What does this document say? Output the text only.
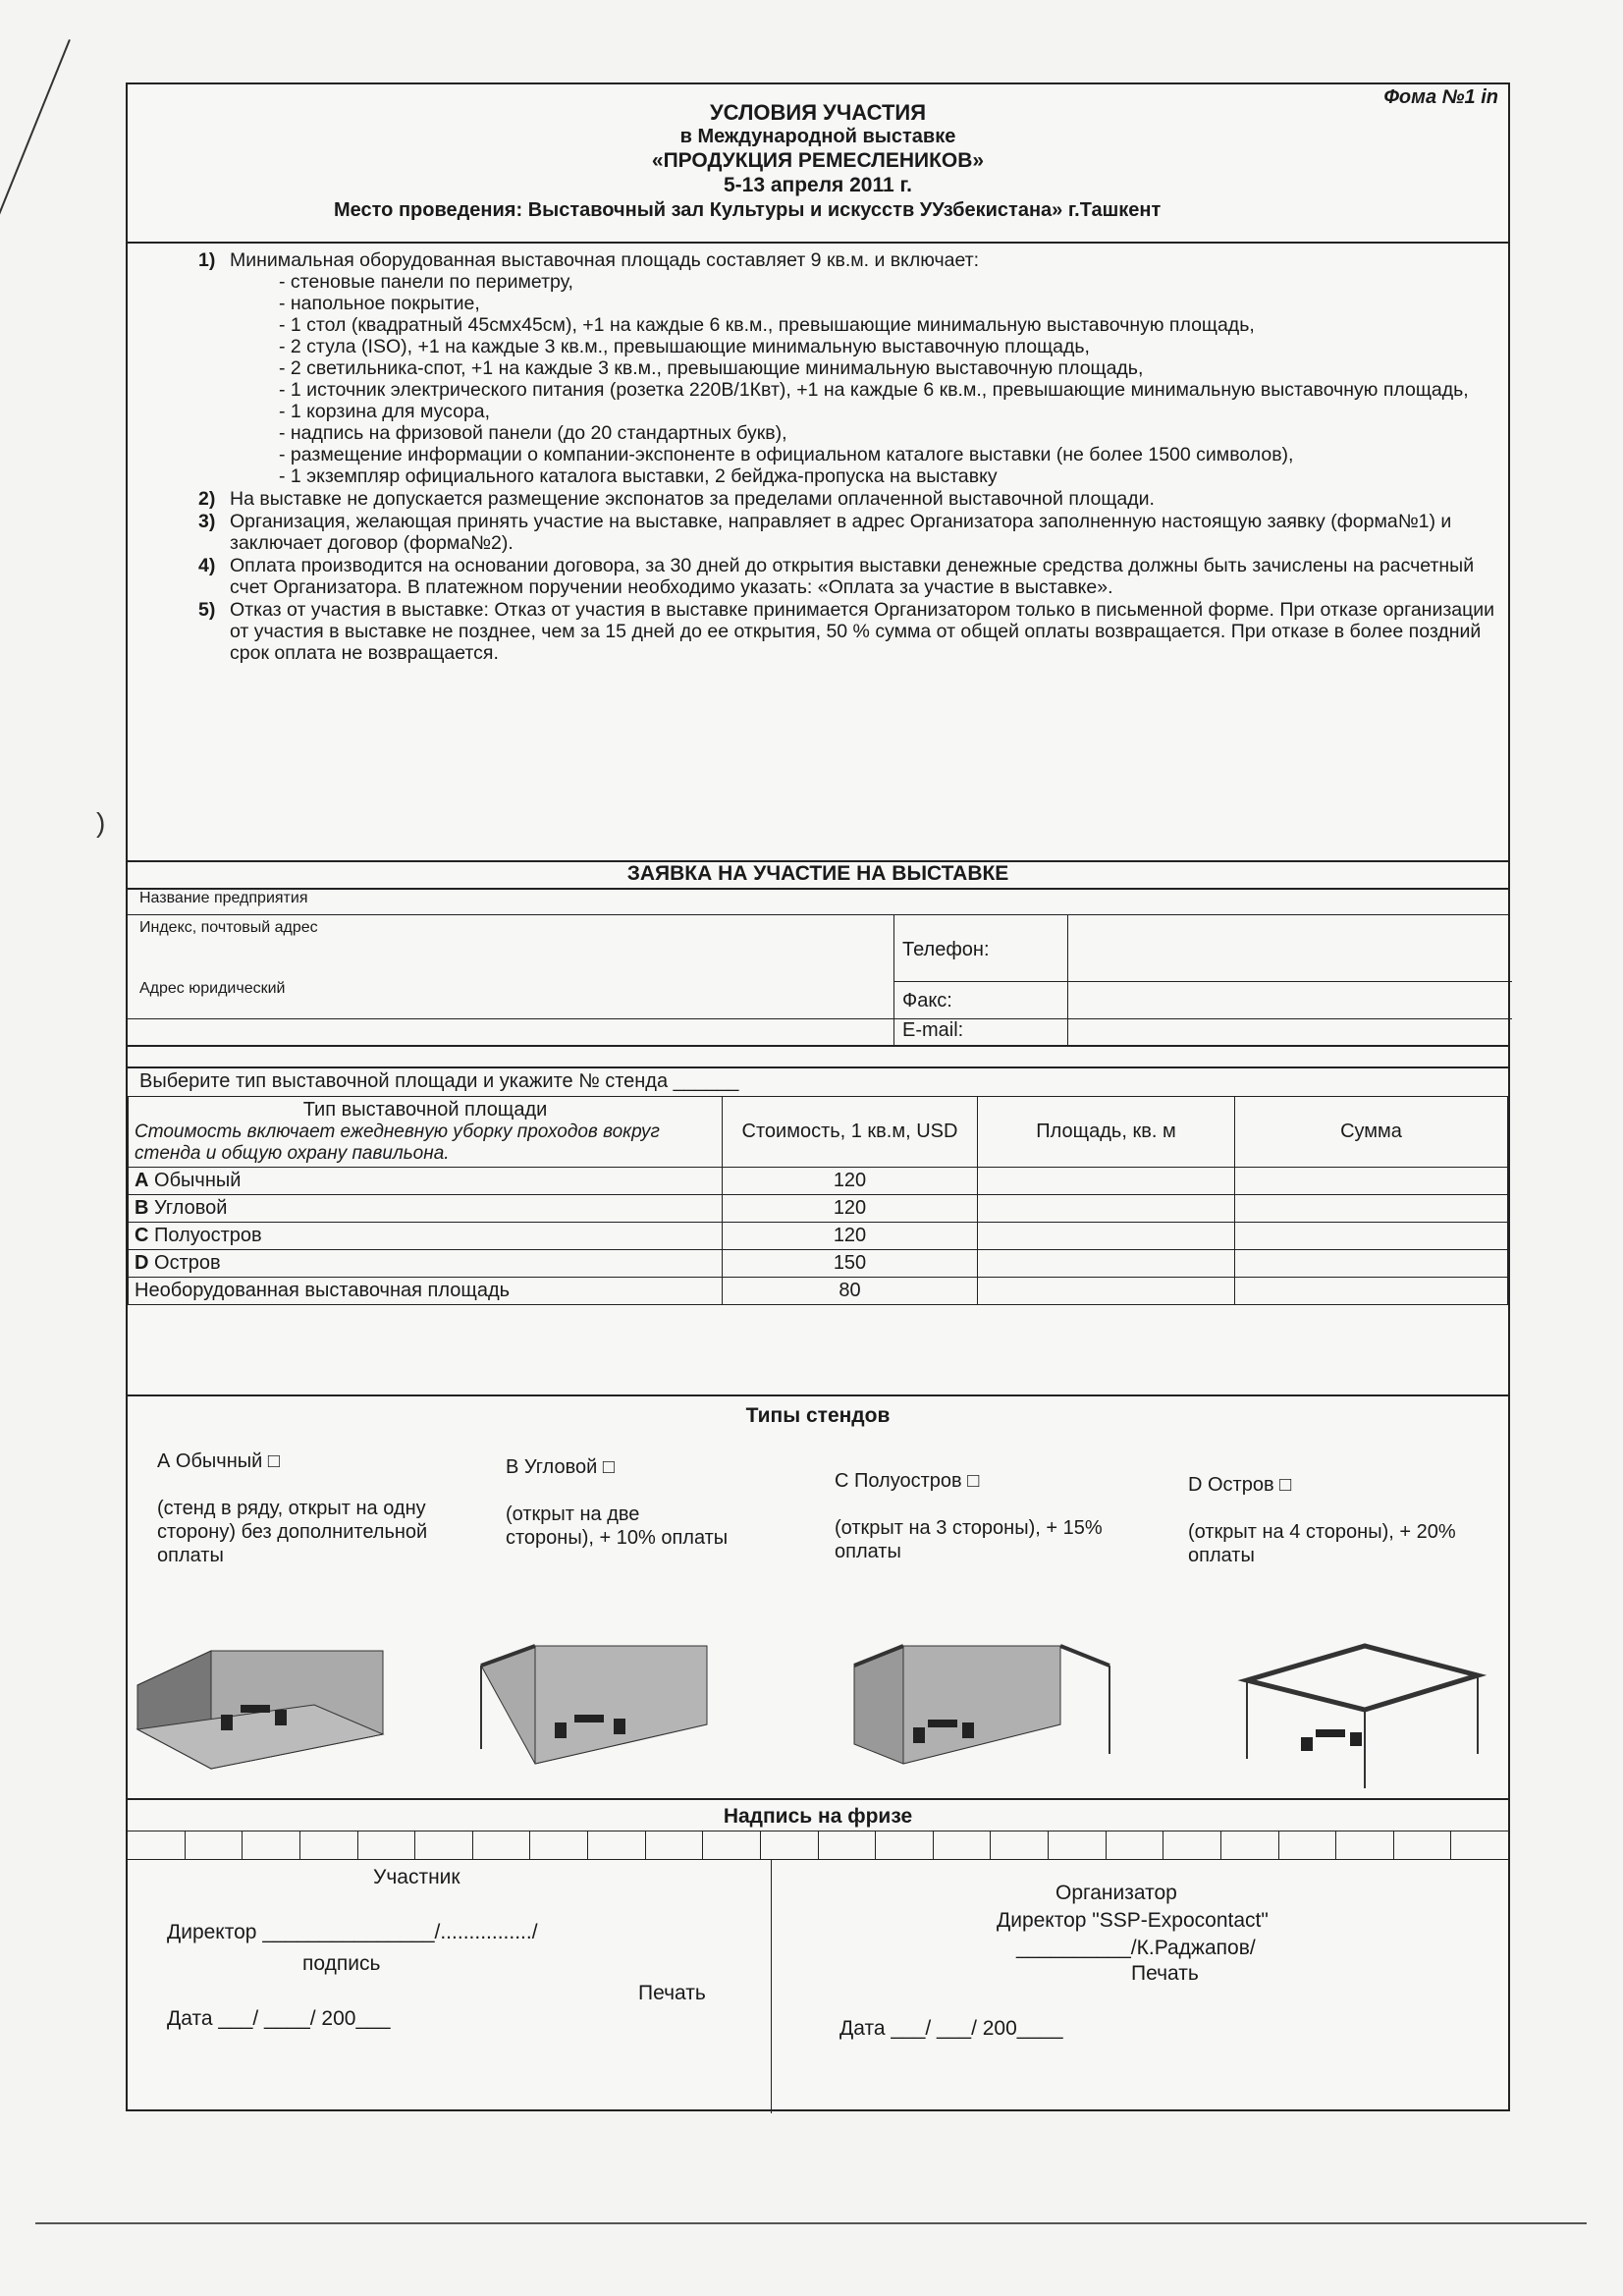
)
Фома №1 in
УСЛОВИЯ УЧАСТИЯ
в Международной выставке
«ПРОДУКЦИЯ РЕМЕСЛЕНИКОВ»
5-13 апреля 2011 г.
Место проведения: Выставочный зал Культуры и искусств УУзбекистана» г.Ташкент
1) Минимальная оборудованная выставочная площадь составляет 9 кв.м. и включает:
- стеновые панели по периметру,
- напольное покрытие,
- 1 стол (квадратный 45смх45см), +1 на каждые 6 кв.м., превышающие минимальную выставочную площадь,
- 2 стула (ISO), +1 на каждые 3 кв.м., превышающие минимальную выставочную площадь,
- 2 светильника-спот, +1 на каждые 3 кв.м., превышающие минимальную выставочную площадь,
- 1 источник электрического питания (розетка 220В/1Квт), +1 на каждые 6 кв.м., превышающие минимальную выставочную площадь,
- 1 корзина для мусора,
- надпись на фризовой панели (до 20 стандартных букв),
- размещение информации о компании-экспоненте в официальном каталоге выставки (не более 1500 символов),
- 1 экземпляр официального каталога выставки, 2 бейджа-пропуска на выставку
2) На выставке не допускается размещение экспонатов за пределами оплаченной выставочной площади.
3) Организация, желающая принять участие на выставке, направляет в адрес Организатора заполненную настоящую заявку (форма№1) и заключает договор (форма№2).
4) Оплата производится на основании договора, за 30 дней до открытия выставки денежные средства должны быть зачислены на расчетный счет Организатора. В платежном поручении необходимо указать: «Оплата за участие в выставке».
5) Отказ от участия в выставке: Отказ от участия в выставке принимается Организатором только в письменной форме. При отказе организации от участия в выставке не позднее, чем за 15 дней до ее открытия, 50 % сумма от общей оплаты возвращается. При отказе в более поздний срок оплата не возвращается.
ЗАЯВКА НА УЧАСТИЕ НА ВЫСТАВКЕ
Название предприятия
Индекс, почтовый адрес
Адрес юридический
Телефон:
Факс:
E-mail:
Выберите тип выставочной площади и укажите № стенда ______
Тип выставочной площади
Стоимость включает ежедневную уборку проходов вокруг стенда и общую охрану павильона.	Стоимость, 1 кв.м, USD	Площадь, кв. м	Сумма
A Обычный	120		
B Угловой	120		
C Полуостров	120		
D Остров	150		
Необорудованная выставочная площадь	80		
Типы стендов
А Обычный □
(стенд в ряду, открыт на одну сторону) без дополнительной оплаты
В Угловой □
(открыт на две стороны), + 10% оплаты
С Полуостров □
(открыт на 3 стороны), + 15% оплаты
D Остров □
(открыт на 4 стороны), + 20% оплаты
Надпись на фризе
Участник
Директор _______________/................/
подпись
Печать
Дата ___/ ____/ 200___
Организатор
Директор "SSP-Expocontact"
__________/К.Раджапов/
Печать
Дата ___/ ___/ 200____
